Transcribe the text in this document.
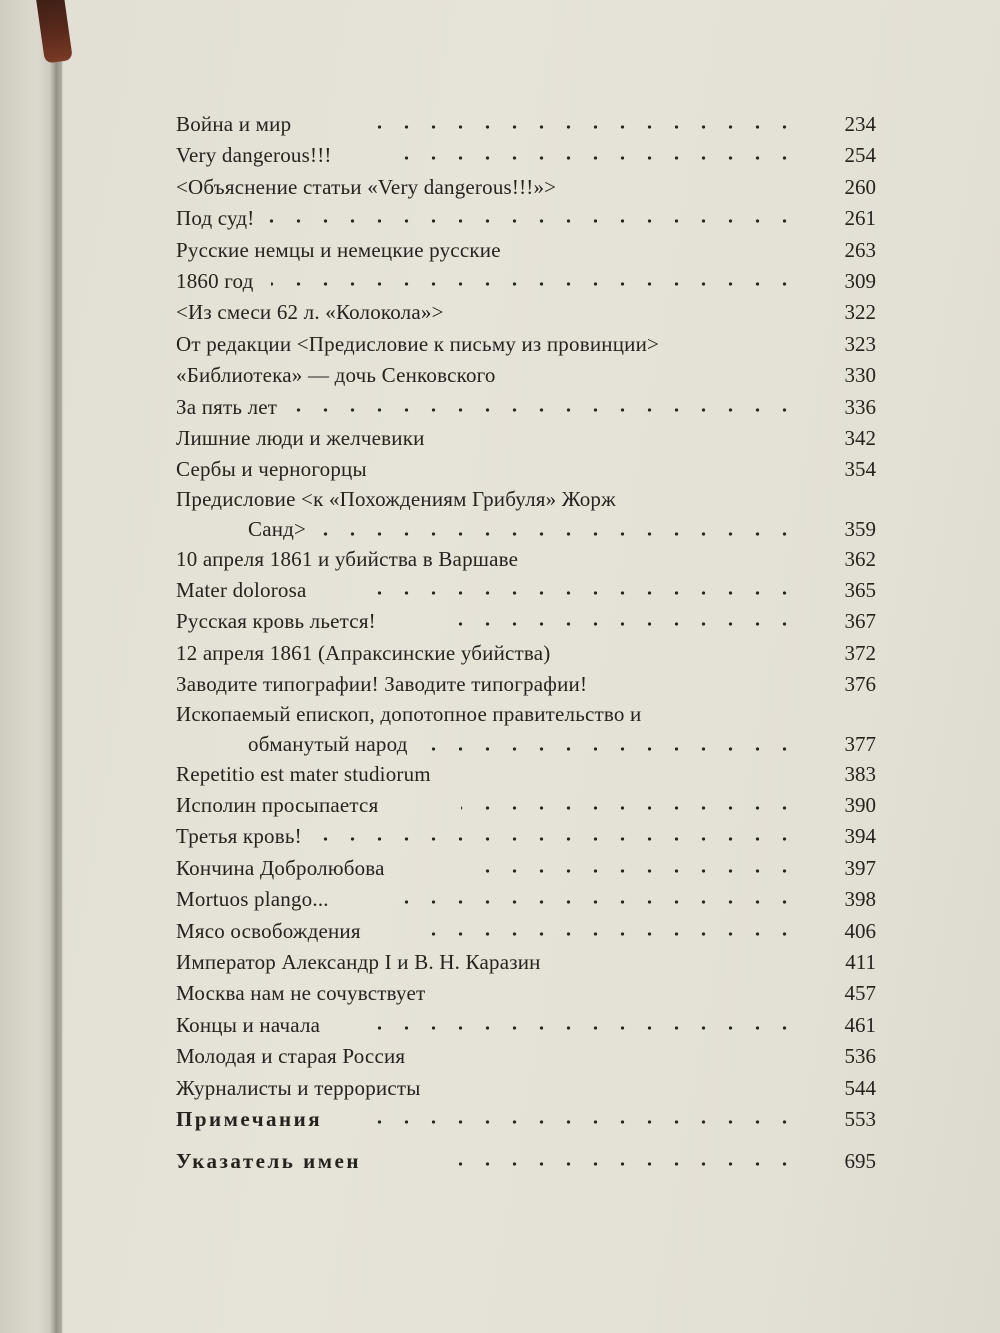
Война и мир	234
Very dangerous!!!	254
<Объяснение статьи «Very dangerous!!!»>	260
Под суд!	261
Русские немцы и немецкие русские	263
1860 год	309
<Из смеси 62 л. «Колокола»>	322
От редакции <Предисловие к письму из провинции>	323
«Библиотека» — дочь Сенковского	330
За пять лет	336
Лишние люди и желчевики	342
Сербы и черногорцы	354
Предисловие <к «Похождениям Грибуля» Жорж
Санд>	359
10 апреля 1861 и убийства в Варшаве	362
Mater dolorosa	365
Русская кровь льется!	367
12 апреля 1861 (Апраксинские убийства)	372
Заводите типографии! Заводите типографии!	376
Ископаемый епископ, допотопное правительство и
обманутый народ	377
Repetitio est mater studiorum	383
Исполин просыпается	390
Третья кровь!	394
Кончина Добролюбова	397
Mortuos plango...	398
Мясо освобождения	406
Император Александр I и В. Н. Каразин	411
Москва нам не сочувствует	457
Концы и начала	461
Молодая и старая Россия	536
Журналисты и террористы	544
Примечания	553
Указатель имен	695
